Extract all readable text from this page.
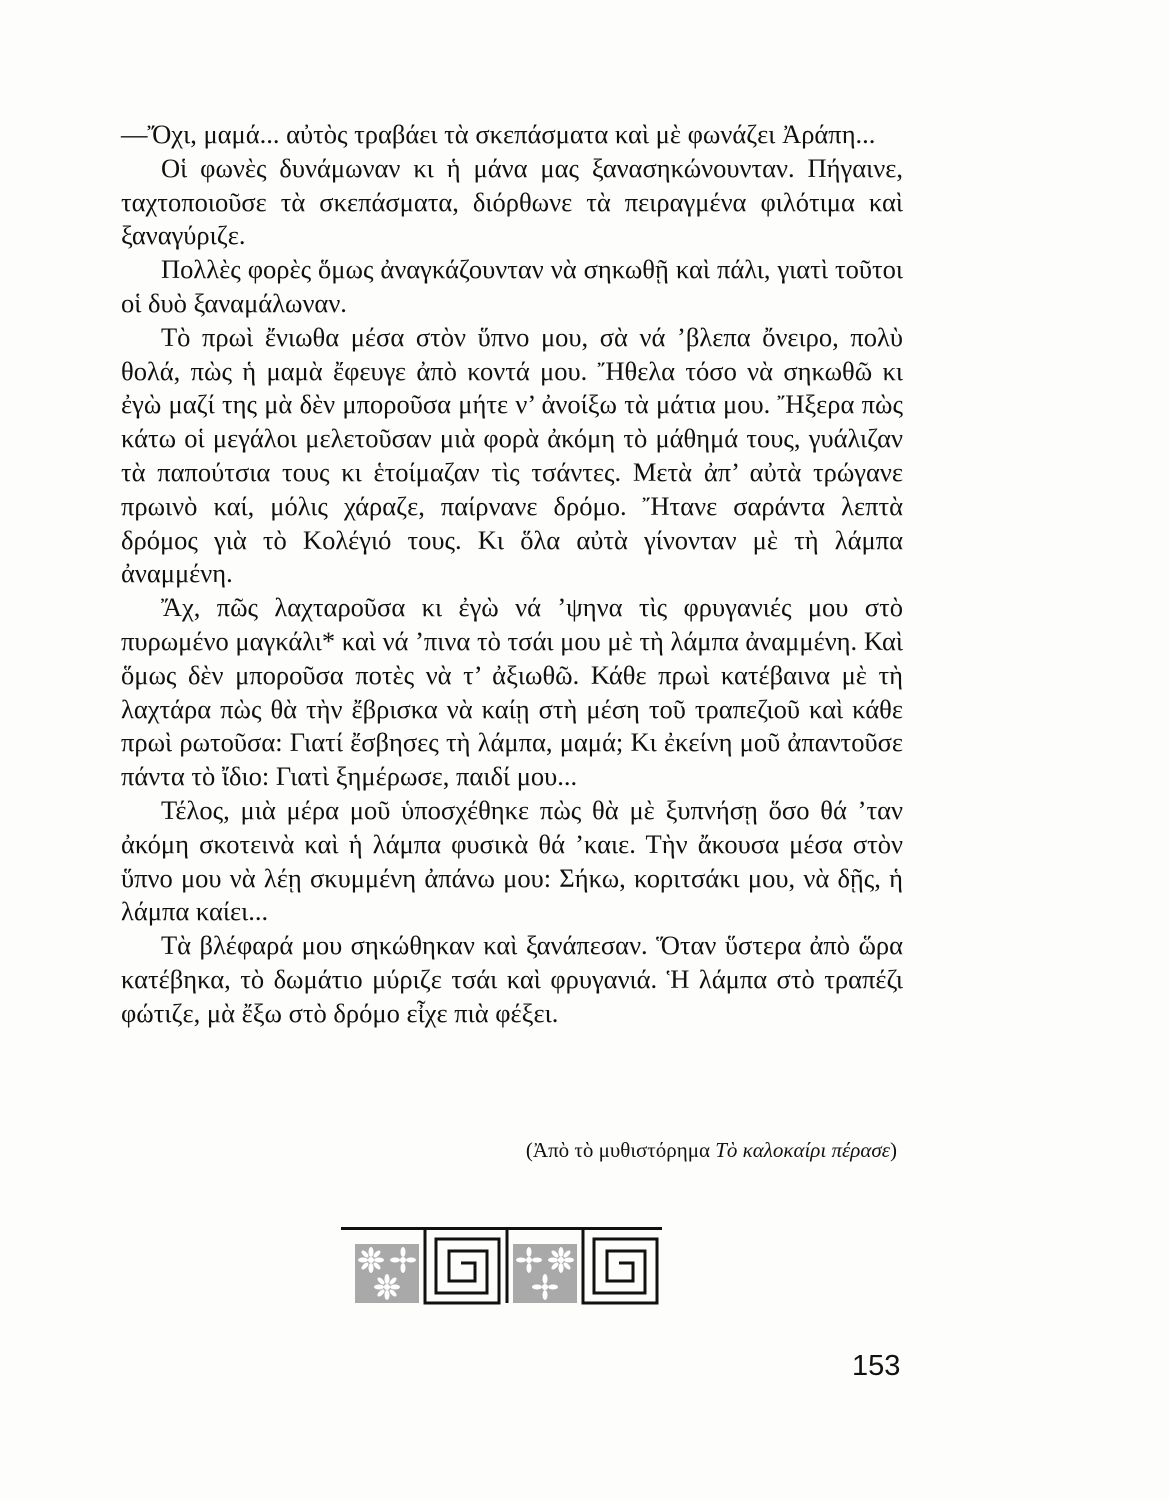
—Ὄχι, μαμά... αὐτὸς τραβάει τὰ σκεπάσματα καὶ μὲ φωνάζει Ἀράπη...

Οἱ φωνὲς δυνάμωναν κι ἡ μάνα μας ξανασηκώνουνταν. Πήγαινε, ταχτοποιοῦσε τὰ σκεπάσματα, διόρθωνε τὰ πειραγμένα φιλότιμα καὶ ξαναγύριζε.

Πολλὲς φορὲς ὅμως ἀναγκάζουνταν νὰ σηκωθῇ καὶ πάλι, γιατὶ τοῦτοι οἱ δυὸ ξαναμάλωναν.

Τὸ πρωὶ ἔνιωθα μέσα στὸν ὕπνο μου, σὰ νά ’βλεπα ὄνειρο, πολὺ θολά, πὼς ἡ μαμὰ ἔφευγε ἀπὸ κοντά μου. Ἤθελα τόσο νὰ σηκωθῶ κι ἐγὼ μαζί της μὰ δὲν μποροῦσα μήτε ν’ ἀνοίξω τὰ μάτια μου. Ἤξερα πὼς κάτω οἱ μεγάλοι μελετοῦσαν μιὰ φορὰ ἀκόμη τὸ μάθημά τους, γυάλιζαν τὰ παπούτσια τους κι ἑτοίμαζαν τὶς τσάντες. Μετὰ ἀπ’ αὐτὰ τρώγανε πρωινὸ καί, μόλις χάραζε, παίρνανε δρόμο. Ἤτανε σαράντα λεπτὰ δρόμος γιὰ τὸ Κολέγιό τους. Κι ὅλα αὐτὰ γίνονταν μὲ τὴ λάμπα ἀναμμένη.

Ἄχ, πῶς λαχταροῦσα κι ἐγὼ νά ’ψηνα τὶς φρυγανιές μου στὸ πυρωμένο μαγκάλι* καὶ νά ’πινα τὸ τσάι μου μὲ τὴ λάμπα ἀναμμένη. Καὶ ὅμως δὲν μποροῦσα ποτὲς νὰ τ’ ἀξιωθῶ. Κάθε πρωὶ κατέβαινα μὲ τὴ λαχτάρα πὼς θὰ τὴν ἔβρισκα νὰ καίῃ στὴ μέση τοῦ τραπεζιοῦ καὶ κάθε πρωὶ ρωτοῦσα: Γιατί ἔσβησες τὴ λάμπα, μαμά; Κι ἐκείνη μοῦ ἀπαντοῦσε πάντα τὸ ἴδιο: Γιατὶ ξημέρωσε, παιδί μου...

Τέλος, μιὰ μέρα μοῦ ὑποσχέθηκε πὼς θὰ μὲ ξυπνήσῃ ὅσο θά ’ταν ἀκόμη σκοτεινὰ καὶ ἡ λάμπα φυσικὰ θά ’καιε. Τὴν ἄκουσα μέσα στὸν ὕπνο μου νὰ λέῃ σκυμμένη ἀπάνω μου: Σήκω, κοριτσάκι μου, νὰ δῇς, ἡ λάμπα καίει...

Τὰ βλέφαρά μου σηκώθηκαν καὶ ξανάπεσαν. Ὅταν ὕστερα ἀπὸ ὥρα κατέβηκα, τὸ δωμάτιο μύριζε τσάι καὶ φρυγανιά. Ἡ λάμπα στὸ τραπέζι φώτιζε, μὰ ἔξω στὸ δρόμο εἶχε πιὰ φέξει.

(Ἀπὸ τὸ μυθιστόρημα Τὸ καλοκαίρι πέρασε)
153
